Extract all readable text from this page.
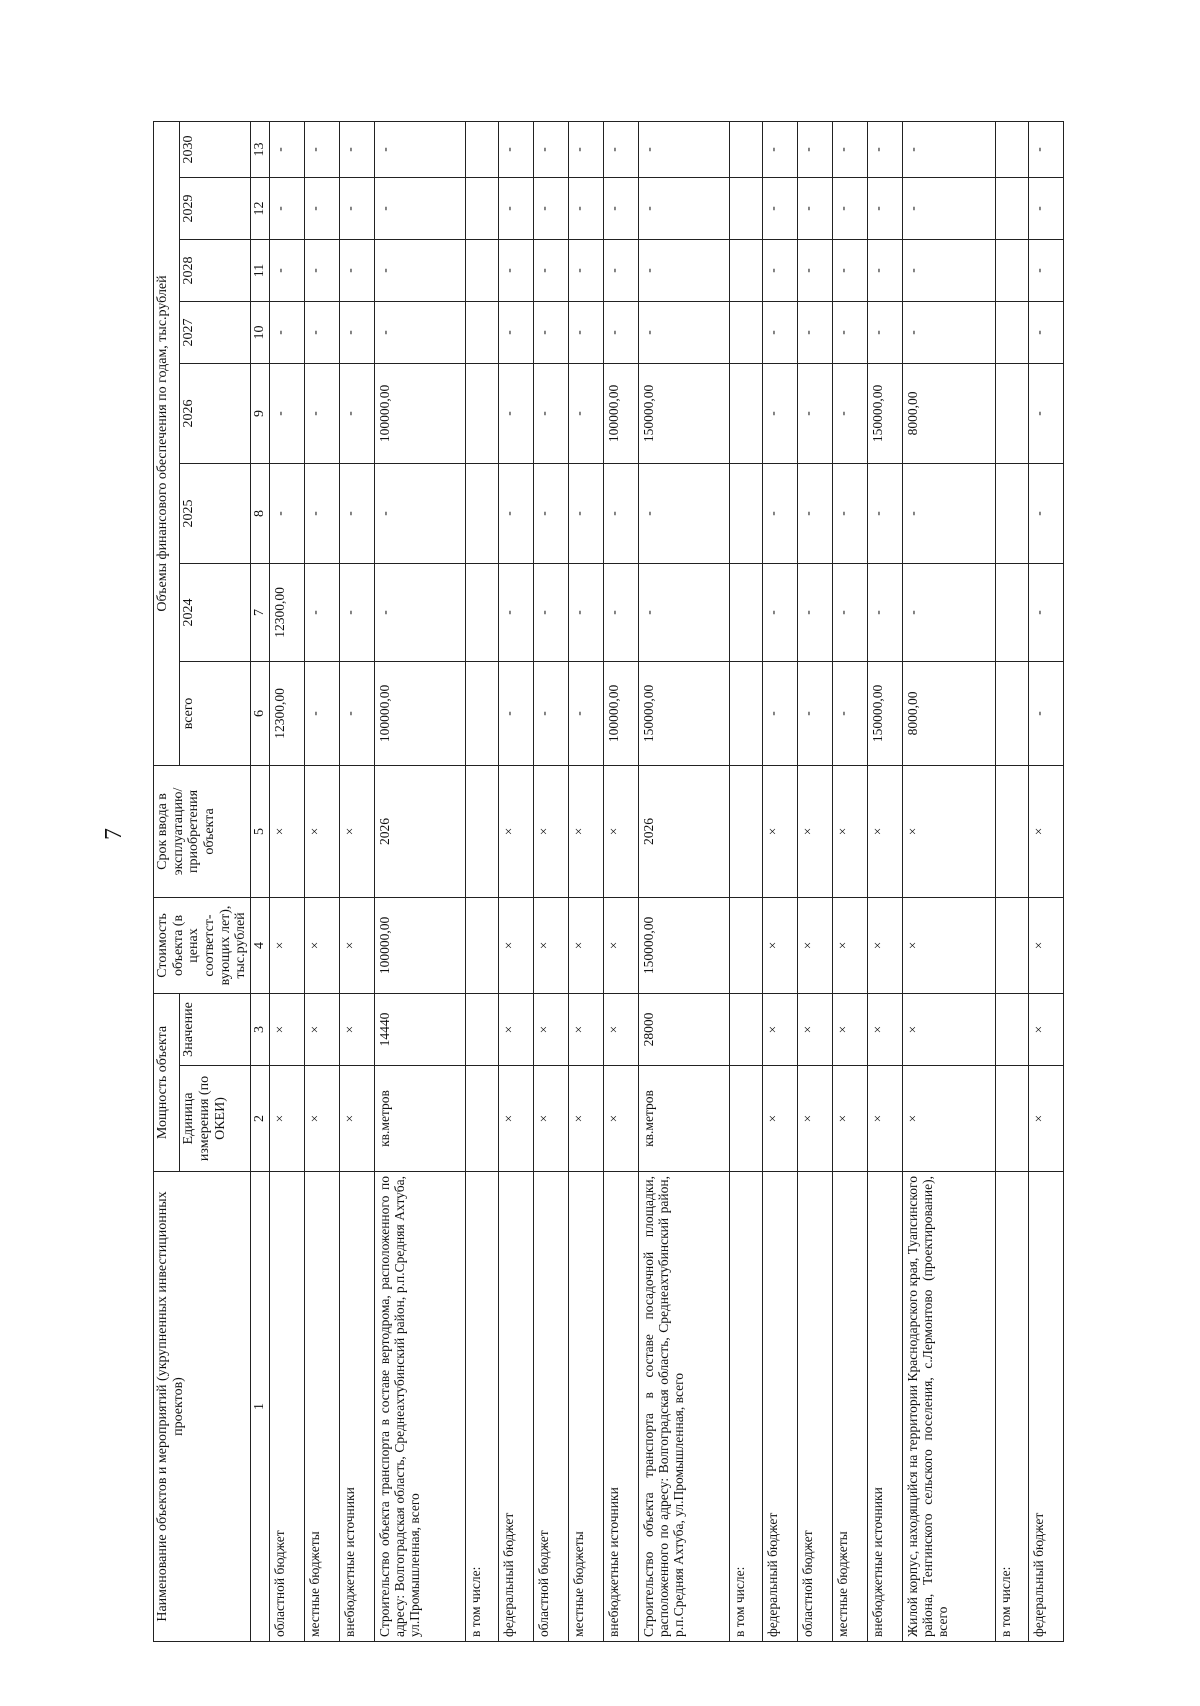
7
Наименование объектов и мероприятий (укрупненных инвестиционных проектов)	Мощность объекта		Стоимость объекта (в ценах соответст-вующих лет), тыс.рублей	Срок ввода в эксплуатацию/ приобретения объекта	Объемы финансового обеспечения по годам, тыс.рублей							
	Единица измерения (по ОКЕИ)	Значение			всего	2024	2025	2026	2027	2028	2029	2030
1	2	3	4	5	6	7	8	9	10	11	12	13
областной бюджет	×	×	×	×	12300,00	12300,00	-	-	-	-	-	-
местные бюджеты	×	×	×	×	-	-	-	-	-	-	-	-
внебюджетные источники	×	×	×	×	-	-	-	-	-	-	-	-
Строительство объекта транспорта в составе вертодрома, расположенного по адресу: Волгоградская область, Среднеахтубинский район, р.п.Средняя Ахтуба, ул.Промышленная, всего	кв.метров	14440	100000,00	2026	100000,00	-	-	100000,00	-	-	-	-
в том числе:												
федеральный бюджет	×	×	×	×	-	-	-	-	-	-	-	-
областной бюджет	×	×	×	×	-	-	-	-	-	-	-	-
местные бюджеты	×	×	×	×	-	-	-	-	-	-	-	-
внебюджетные источники	×	×	×	×	100000,00	-	-	100000,00	-	-	-	-
Строительство объекта транспорта в составе посадочной площадки, расположенного по адресу: Волгоградская область, Среднеахтубинский район, р.п.Средняя Ахтуба, ул.Промышленная, всего	кв.метров	28000	150000,00	2026	150000,00	-	-	150000,00	-	-	-	-
в том числе:												
федеральный бюджет	×	×	×	×	-	-	-	-	-	-	-	-
областной бюджет	×	×	×	×	-	-	-	-	-	-	-	-
местные бюджеты	×	×	×	×	-	-	-	-	-	-	-	-
внебюджетные источники	×	×	×	×	150000,00	-	-	150000,00	-	-	-	-
Жилой корпус, находящийся на территории Краснодарского края, Туапсинского района, Тенгинского сельского поселения, с.Лермонтово (проектирование), всего	×	×	×	×	8000,00	-	-	8000,00	-	-	-	-
в том числе:												
федеральный бюджет	×	×	×	×	-	-	-	-	-	-	-	-
